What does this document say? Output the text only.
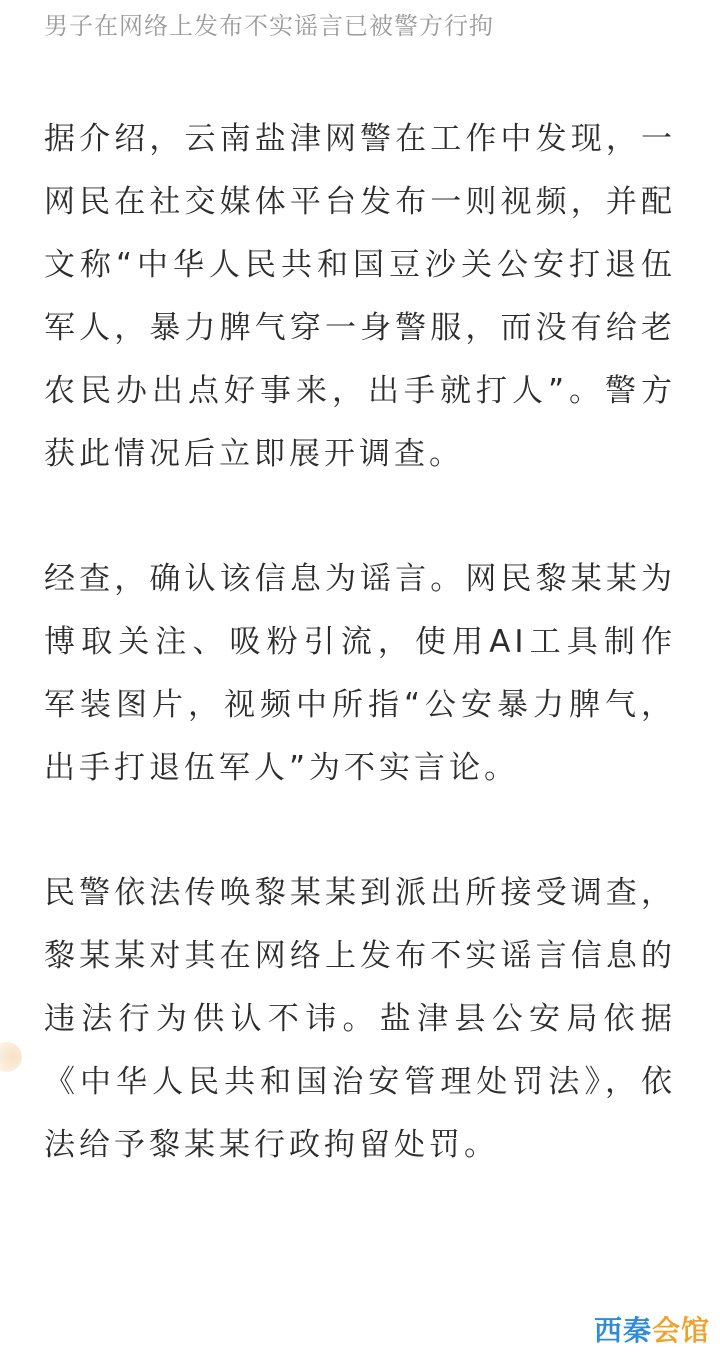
男子在网络上发布不实谣言已被警方行拘

据介绍，云南盐津网警在工作中发现，一网民在社交媒体平台发布一则视频，并配文称“中华人民共和国豆沙关公安打退伍军人，暴力脾气穿一身警服，而没有给老农民办出点好事来，出手就打人”。警方获此情况后立即展开调查。

经查，确认该信息为谣言。网民黎某某为博取关注、吸粉引流，使用AI工具制作军装图片，视频中所指“公安暴力脾气，出手打退伍军人”为不实言论。

民警依法传唤黎某某到派出所接受调查，黎某某对其在网络上发布不实谣言信息的违法行为供认不讳。盐津县公安局依据《中华人民共和国治安管理处罚法》，依法给予黎某某行政拘留处罚。

西秦会馆
